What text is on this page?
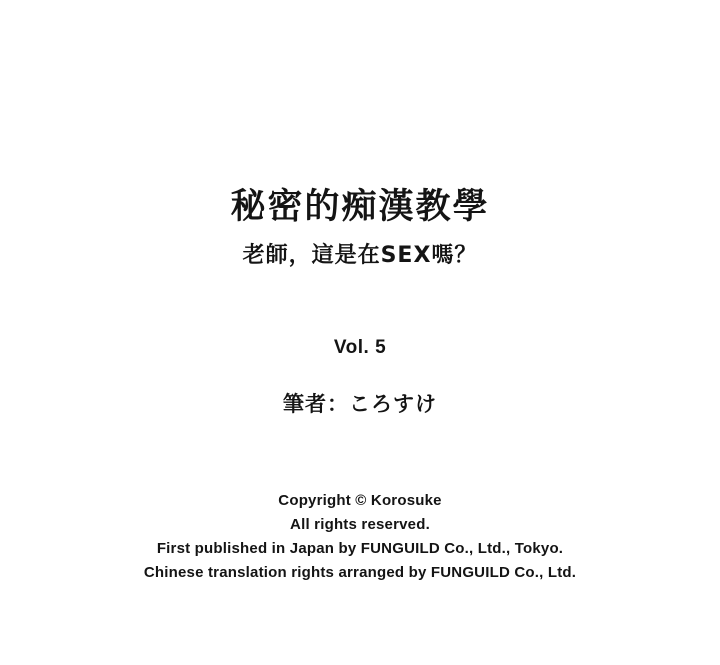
秘密的痴漢教學
老師，這是在SEX嗎？
Vol. 5
筆者：ころすけ
Copyright © Korosuke
All rights reserved.
First published in Japan by FUNGUILD Co., Ltd., Tokyo.
Chinese translation rights arranged by FUNGUILD Co., Ltd.
